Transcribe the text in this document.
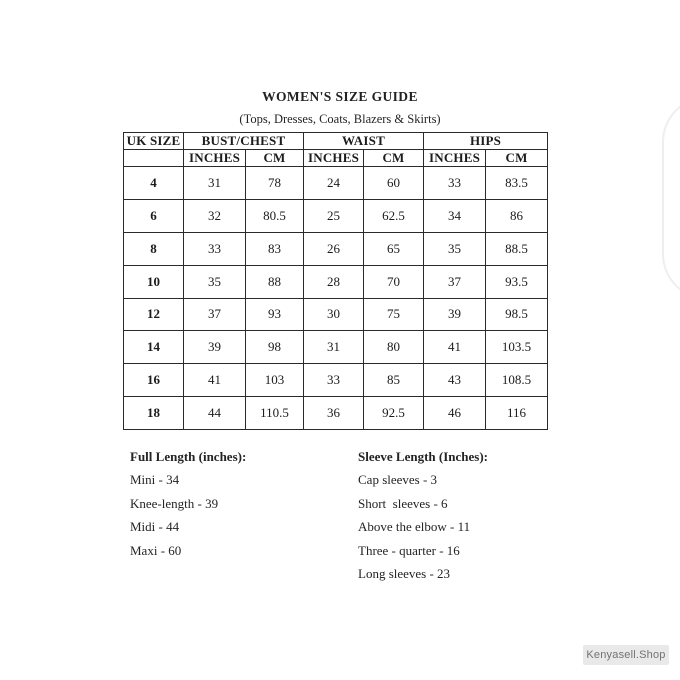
WOMEN'S SIZE GUIDE
(Tops, Dresses, Coats, Blazers & Skirts)
UK SIZE	BUST/CHEST		WAIST		HIPS	
	INCHES	CM	INCHES	CM	INCHES	CM
4	31	78	24	60	33	83.5
6	32	80.5	25	62.5	34	86
8	33	83	26	65	35	88.5
10	35	88	28	70	37	93.5
12	37	93	30	75	39	98.5
14	39	98	31	80	41	103.5
16	41	103	33	85	43	108.5
18	44	110.5	36	92.5	46	116
Full Length (inches):
Mini - 34
Knee-length - 39
Midi - 44
Maxi - 60
Sleeve Length (Inches):
Cap sleeves - 3
Short  sleeves - 6
Above the elbow - 11
Three - quarter - 16
Long sleeves - 23
Kenyasell.Shop
